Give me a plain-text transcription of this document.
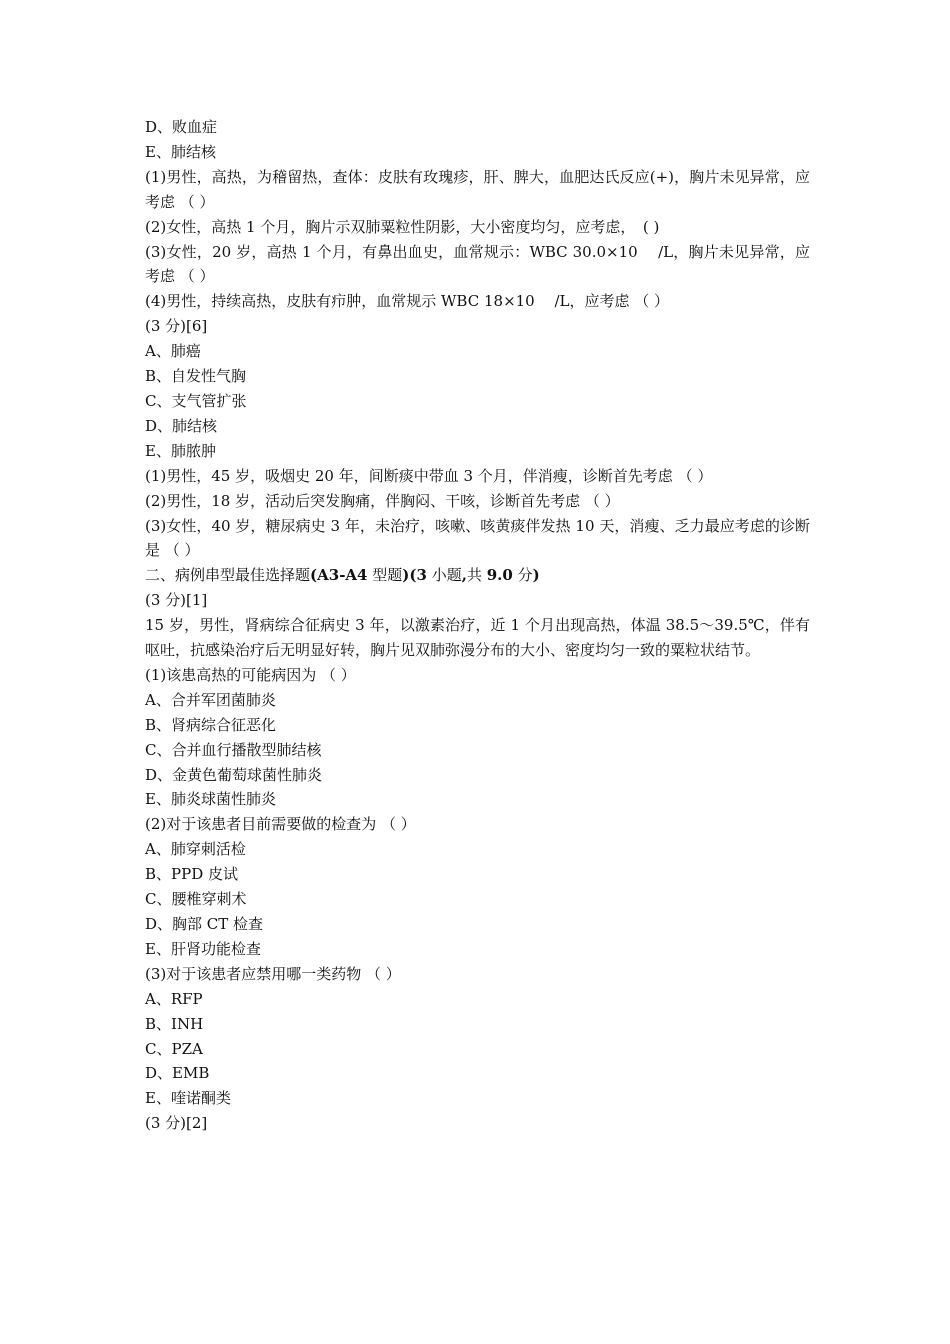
D、败血症
E、肺结核
(1)男性，高热，为稽留热，查体：皮肤有玫瑰疹，肝、脾大，血肥达氏反应(+)，胸片未见异常，应考虑 （ ）
(2)女性，高热 1 个月，胸片示双肺粟粒性阴影，大小密度均匀，应考虑，　( )
(3)女性，20 岁，高热 1 个月，有鼻出血史，血常规示：WBC 30.0×10　 /L，胸片未见异常，应考虑 （ ）
(4)男性，持续高热，皮肤有疖肿，血常规示 WBC 18×10　 /L，应考虑 （ ）
(3 分)[6]
A、肺癌
B、自发性气胸
C、支气管扩张
D、肺结核
E、肺脓肿
(1)男性，45 岁，吸烟史 20 年，间断痰中带血 3 个月，伴消瘦，诊断首先考虑 （ ）
(2)男性，18 岁，活动后突发胸痛，伴胸闷、干咳，诊断首先考虑 （ ）
(3)女性，40 岁，糖尿病史 3 年，未治疗，咳嗽、咳黄痰伴发热 10 天，消瘦、乏力最应考虑的诊断是 （ ）
二、病例串型最佳选择题(A3-A4 型题)(3 小题,共 9.0 分)
(3 分)[1]
15 岁，男性，肾病综合征病史 3 年，以激素治疗，近 1 个月出现高热，体温 38.5～39.5℃，伴有呕吐，抗感染治疗后无明显好转，胸片见双肺弥漫分布的大小、密度均匀一致的粟粒状结节。
(1)该患高热的可能病因为 （ ）
A、合并军团菌肺炎
B、肾病综合征恶化
C、合并血行播散型肺结核
D、金黄色葡萄球菌性肺炎
E、肺炎球菌性肺炎
(2)对于该患者目前需要做的检查为 （ ）
A、肺穿刺活检
B、PPD 皮试
C、腰椎穿刺术
D、胸部 CT 检查
E、肝肾功能检查
(3)对于该患者应禁用哪一类药物 （ ）
A、RFP
B、INH
C、PZA
D、EMB
E、喹诺酮类
(3 分)[2]
